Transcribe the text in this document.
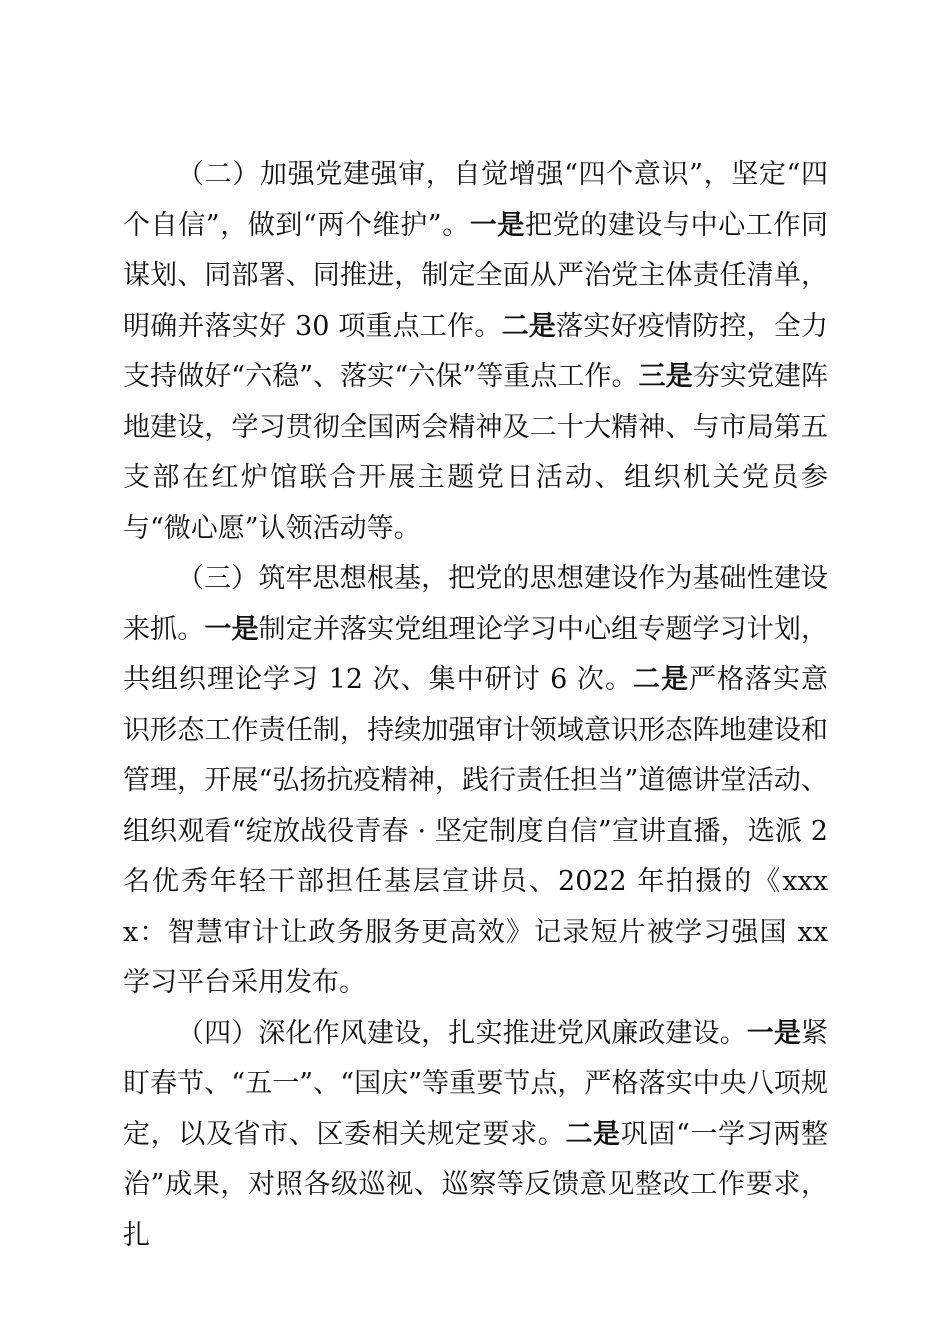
（二）加强党建强审，自觉增强“四个意识”，坚定“四个自信”，做到“两个维护”。一是把党的建设与中心工作同谋划、同部署、同推进，制定全面从严治党主体责任清单，明确并落实好 30 项重点工作。二是落实好疫情防控，全力支持做好“六稳”、落实“六保”等重点工作。三是夯实党建阵地建设，学习贯彻全国两会精神及二十大精神、与市局第五支部在红炉馆联合开展主题党日活动、组织机关党员参与“微心愿”认领活动等。

（三）筑牢思想根基，把党的思想建设作为基础性建设来抓。一是制定并落实党组理论学习中心组专题学习计划，共组织理论学习 12 次、集中研讨 6 次。二是严格落实意识形态工作责任制，持续加强审计领域意识形态阵地建设和管理，开展“弘扬抗疫精神，践行责任担当”道德讲堂活动、组织观看“绽放战役青春 · 坚定制度自信”宣讲直播，选派 2 名优秀年轻干部担任基层宣讲员、2022 年拍摄的《xxxx：智慧审计让政务服务更高效》记录短片被学习强国 xx 学习平台采用发布。

（四）深化作风建设，扎实推进党风廉政建设。一是紧盯春节、“五一”、“国庆”等重要节点，严格落实中央八项规定，以及省市、区委相关规定要求。二是巩固“一学习两整治”成果，对照各级巡视、巡察等反馈意见整改工作要求，扎
